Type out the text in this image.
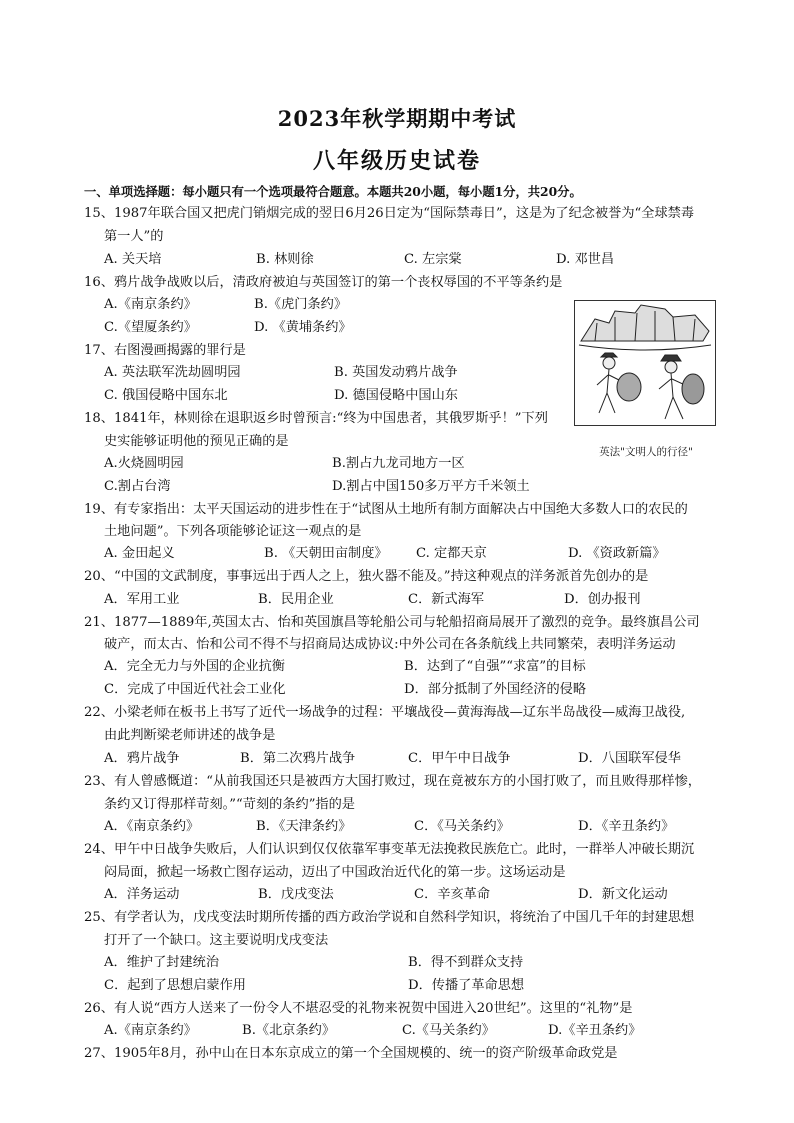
2023年秋学期期中考试
八年级历史试卷
一、单项选择题：每小题只有一个选项最符合题意。本题共20小题，每小题1分，共20分。
15、1987年联合国又把虎门销烟完成的翌日6月26日定为“国际禁毒日”，这是为了纪念被誉为“全球禁毒
第一人”的
A. 关天培	B. 林则徐	C. 左宗棠	D. 邓世昌
16、鸦片战争战败以后，清政府被迫与英国签订的第一个丧权辱国的不平等条约是
A.《南京条约》	B.《虎门条约》
C.《望厦条约》	D. 《黄埔条约》
17、右图漫画揭露的罪行是
A. 英法联军洗劫圆明园	B. 英国发动鸦片战争
C. 俄国侵略中国东北	D. 德国侵略中国山东
英法"文明人的行径"
18、1841年，林则徐在退职返乡时曾预言:“终为中国患者，其俄罗斯乎！”下列
史实能够证明他的预见正确的是
A.火烧圆明园	B.割占九龙司地方一区
C.割占台湾	D.割占中国150多万平方千米领土
19、有专家指出：太平天国运动的进步性在于“试图从土地所有制方面解决占中国绝大多数人口的农民的
土地问题”。下列各项能够论证这一观点的是
A. 金田起义	B. 《天朝田亩制度》 C. 定都天京	D. 《资政新篇》
20、“中国的文武制度，事事远出于西人之上，独火器不能及。”持这种观点的洋务派首先创办的是
A．军用工业	B．民用企业	C．新式海军	D．创办报刊
21、1877—1889年,英国太古、怡和英国旗昌等轮船公司与轮船招商局展开了激烈的竞争。最终旗昌公司
破产，而太古、怡和公司不得不与招商局达成协议:中外公司在各条航线上共同繁荣，表明洋务运动
A．完全无力与外国的企业抗衡	B．达到了“自强”“求富”的目标
C．完成了中国近代社会工业化	D．部分抵制了外国经济的侵略
22、小梁老师在板书上书写了近代一场战争的过程：平壤战役—黄海海战—辽东半岛战役—威海卫战役,
由此判断梁老师讲述的战争是
A．鸦片战争	B．第二次鸦片战争	C．甲午中日战争	D．八国联军侵华
23、有人曾感慨道：“从前我国还只是被西方大国打败过，现在竟被东方的小国打败了，而且败得那样惨，
条约又订得那样苛刻。”“苛刻的条约”指的是
A．《南京条约》	B．《天津条约》	C．《马关条约》	D．《辛丑条约》
24、甲午中日战争失败后，人们认识到仅仅依靠军事变革无法挽救民族危亡。此时，一群举人冲破长期沉
闷局面，掀起一场救亡图存运动，迈出了中国政治近代化的第一步。这场运动是
A．洋务运动	B．戊戌变法	C．辛亥革命	D．新文化运动
25、有学者认为，戊戌变法时期所传播的西方政治学说和自然科学知识，将统治了中国几千年的封建思想
打开了一个缺口。这主要说明戊戌变法
A．维护了封建统治	B．得不到群众支持
C．起到了思想启蒙作用	D．传播了革命思想
26、有人说“西方人送来了一份令人不堪忍受的礼物来祝贺中国进入20世纪”。这里的“礼物”是
A.《南京条约》	B.《北京条约》	C.《马关条约》	D.《辛丑条约》
27、1905年8月，孙中山在日本东京成立的第一个全国规模的、统一的资产阶级革命政党是
